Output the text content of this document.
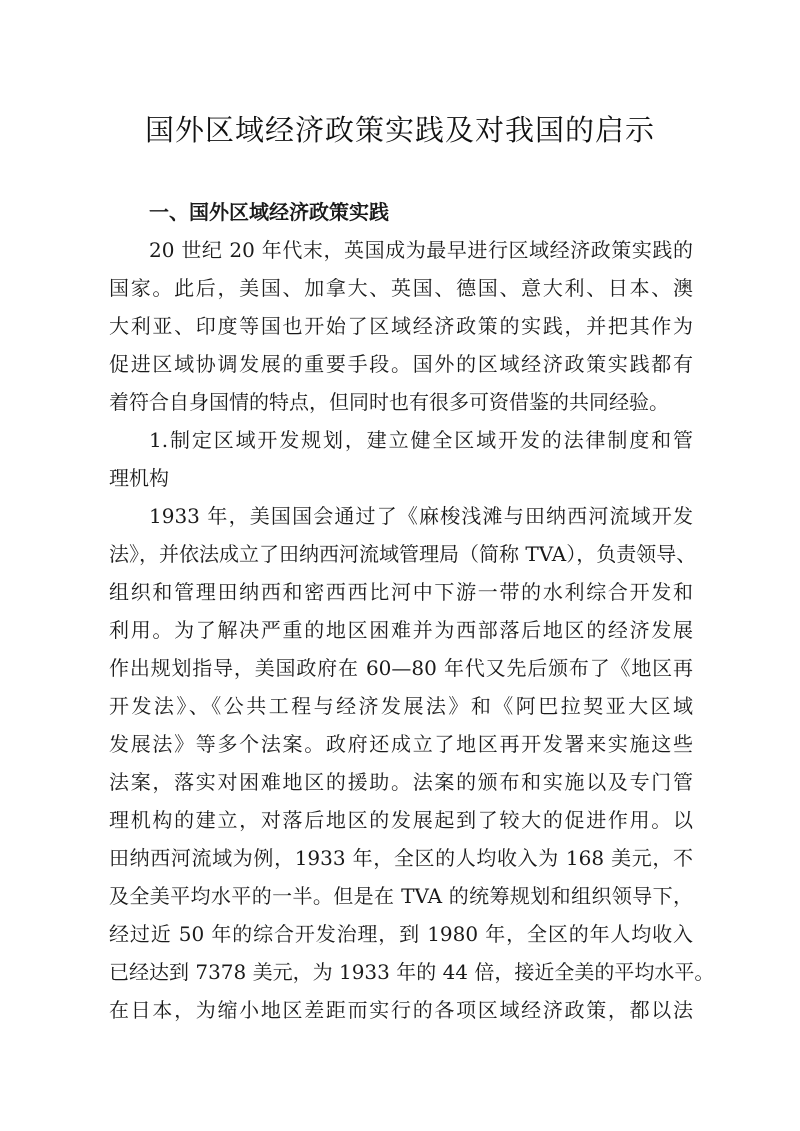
国外区域经济政策实践及对我国的启示

一、国外区域经济政策实践

20 世纪 20 年代末，英国成为最早进行区域经济政策实践的
国家。此后，美国、加拿大、英国、德国、意大利、日本、澳
大利亚、印度等国也开始了区域经济政策的实践，并把其作为
促进区域协调发展的重要手段。国外的区域经济政策实践都有
着符合自身国情的特点，但同时也有很多可资借鉴的共同经验。
1.制定区域开发规划，建立健全区域开发的法律制度和管
理机构
1933 年，美国国会通过了《麻梭浅滩与田纳西河流域开发
法》，并依法成立了田纳西河流域管理局（简称 TVA），负责领导、
组织和管理田纳西和密西西比河中下游一带的水利综合开发和
利用。为了解决严重的地区困难并为西部落后地区的经济发展
作出规划指导，美国政府在 60—80 年代又先后颁布了《地区再
开发法》、《公共工程与经济发展法》和《阿巴拉契亚大区域
发展法》等多个法案。政府还成立了地区再开发署来实施这些
法案，落实对困难地区的援助。法案的颁布和实施以及专门管
理机构的建立，对落后地区的发展起到了较大的促进作用。以
田纳西河流域为例，1933 年，全区的人均收入为 168 美元，不
及全美平均水平的一半。但是在 TVA 的统筹规划和组织领导下，
经过近 50 年的综合开发治理，到 1980 年，全区的年人均收入
已经达到 7378 美元，为 1933 年的 44 倍，接近全美的平均水平。
在日本，为缩小地区差距而实行的各项区域经济政策，都以法
